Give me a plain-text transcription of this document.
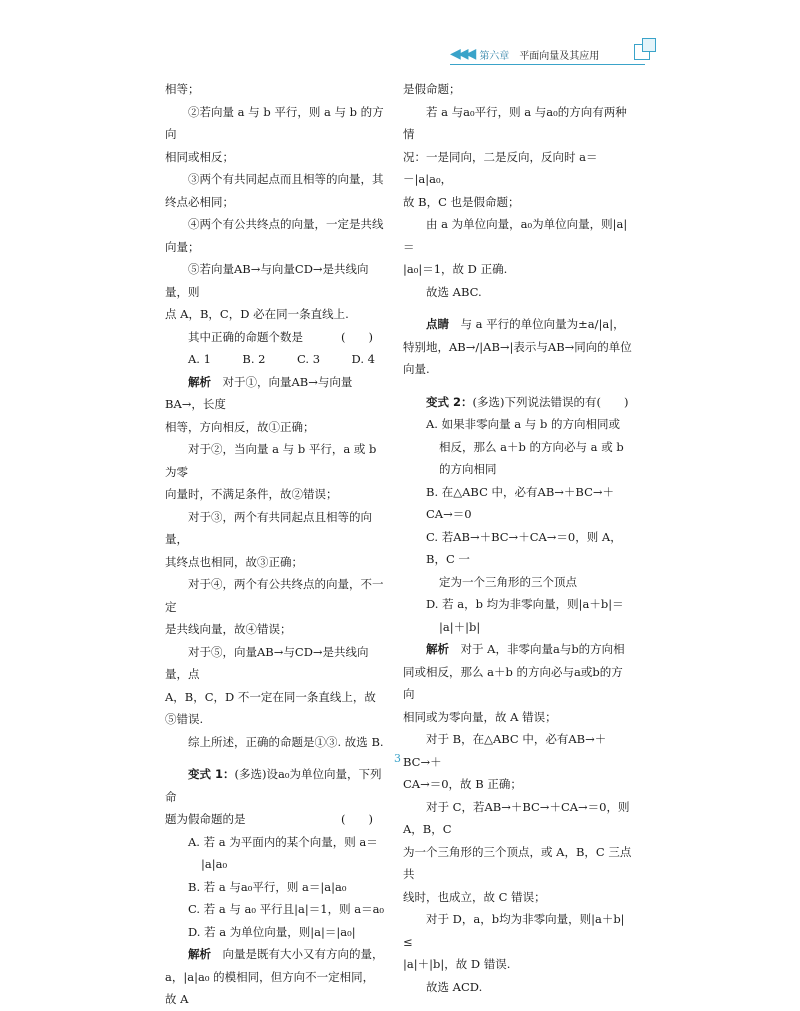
◀◀◀ 第六章 平面向量及其应用

相等；

②若向量 a 与 b 平行，则 a 与 b 的方向

相同或相反；

③两个有共同起点而且相等的向量，其

终点必相同；

④两个有公共终点的向量，一定是共线

向量；

⑤若向量AB→与向量CD→是共线向量，则

点 A，B，C，D 必在同一条直线上.

其中正确的命题个数是	(　　)
A. 1	B. 2	C. 3	D. 4

解析　 对于①，向量AB→与向量BA→，长度

相等，方向相反，故①正确；

对于②，当向量 a 与 b 平行，a 或 b 为零

向量时，不满足条件，故②错误；

对于③，两个有共同起点且相等的向量，

其终点也相同，故③正确；

对于④，两个有公共终点的向量，不一定

是共线向量，故④错误；

对于⑤，向量AB→与CD→是共线向量，点

A，B，C，D 不一定在同一条直线上，故⑤错误.

综上所述，正确的命题是①③. 故选 B.

变式 1：(多选)设a₀为单位向量，下列命

题为假命题的是	(　　)

A. 若 a 为平面内的某个向量，则 a＝

|a|a₀

B. 若 a 与a₀平行，则 a＝|a|a₀

C. 若 a 与 a₀ 平行且|a|＝1，则 a＝a₀

D. 若 a 为单位向量，则|a|＝|a₀|

解析　 向量是既有大小又有方向的量，

a，|a|a₀ 的模相同，但方向不一定相同，故 A

是假命题；

若 a 与a₀平行，则 a 与a₀的方向有两种情

况：一是同向，二是反向，反向时 a＝－|a|a₀，

故 B，C 也是假命题；

由 a 为单位向量，a₀为单位向量，则|a|＝

|a₀|＝1，故 D 正确.

故选 ABC.

点睛　 与 a 平行的单位向量为±a/|a|，

特别地，AB→/|AB→|表示与AB→同向的单位向量.

变式 2：(多选)下列说法错误的有(　　)

A. 如果非零向量 a 与 b 的方向相同或

相反，那么 a＋b 的方向必与 a 或 b

的方向相同

B. 在△ABC 中，必有AB→＋BC→＋CA→＝0

C. 若AB→＋BC→＋CA→＝0，则 A，B，C 一

定为一个三角形的三个顶点

D. 若 a，b 均为非零向量，则|a＋b|＝

|a|＋|b|

解析　 对于 A，非零向量a与b的方向相

同或相反，那么 a＋b 的方向必与a或b的方向

相同或为零向量，故 A 错误；

对于 B，在△ABC 中，必有AB→＋BC→＋

CA→＝0，故 B 正确；

对于 C，若AB→＋BC→＋CA→＝0，则 A，B，C

为一个三角形的三个顶点，或 A，B，C 三点共

线时，也成立，故 C 错误；

对于 D，a，b均为非零向量，则|a＋b|≤

|a|＋|b|，故 D 错误.

故选 ACD.

3
